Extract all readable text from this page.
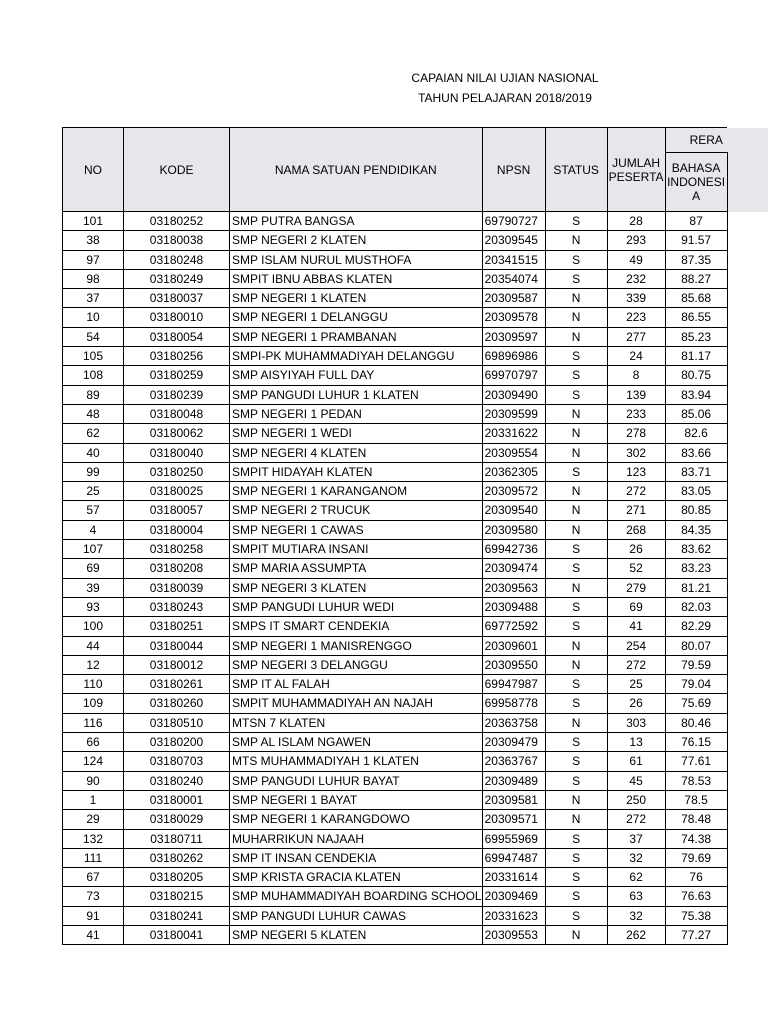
CAPAIAN NILAI UJIAN NASIONAL
TAHUN PELAJARAN 2018/2019
NO	KODE	NAMA SATUAN PENDIDIKAN	NPSN	STATUS	JUMLAH PESERTA	RERA
						BAHASA INDONESI A
101	03180252	SMP PUTRA BANGSA	69790727	S	28	87
38	03180038	SMP NEGERI 2 KLATEN	20309545	N	293	91.57
97	03180248	SMP ISLAM NURUL MUSTHOFA	20341515	S	49	87.35
98	03180249	SMPIT IBNU ABBAS KLATEN	20354074	S	232	88.27
37	03180037	SMP NEGERI 1 KLATEN	20309587	N	339	85.68
10	03180010	SMP NEGERI 1 DELANGGU	20309578	N	223	86.55
54	03180054	SMP NEGERI 1 PRAMBANAN	20309597	N	277	85.23
105	03180256	SMPI-PK MUHAMMADIYAH DELANGGU	69896986	S	24	81.17
108	03180259	SMP AISYIYAH FULL DAY	69970797	S	8	80.75
89	03180239	SMP PANGUDI LUHUR 1 KLATEN	20309490	S	139	83.94
48	03180048	SMP NEGERI 1 PEDAN	20309599	N	233	85.06
62	03180062	SMP NEGERI 1 WEDI	20331622	N	278	82.6
40	03180040	SMP NEGERI 4 KLATEN	20309554	N	302	83.66
99	03180250	SMPIT HIDAYAH KLATEN	20362305	S	123	83.71
25	03180025	SMP NEGERI 1 KARANGANOM	20309572	N	272	83.05
57	03180057	SMP NEGERI 2 TRUCUK	20309540	N	271	80.85
4	03180004	SMP NEGERI 1 CAWAS	20309580	N	268	84.35
107	03180258	SMPIT MUTIARA INSANI	69942736	S	26	83.62
69	03180208	SMP MARIA ASSUMPTA	20309474	S	52	83.23
39	03180039	SMP NEGERI 3 KLATEN	20309563	N	279	81.21
93	03180243	SMP PANGUDI LUHUR WEDI	20309488	S	69	82.03
100	03180251	SMPS IT SMART CENDEKIA	69772592	S	41	82.29
44	03180044	SMP NEGERI 1 MANISRENGGO	20309601	N	254	80.07
12	03180012	SMP NEGERI 3 DELANGGU	20309550	N	272	79.59
110	03180261	SMP IT AL FALAH	69947987	S	25	79.04
109	03180260	SMPIT MUHAMMADIYAH AN NAJAH	69958778	S	26	75.69
116	03180510	MTSN 7 KLATEN	20363758	N	303	80.46
66	03180200	SMP AL ISLAM NGAWEN	20309479	S	13	76.15
124	03180703	MTS MUHAMMADIYAH 1 KLATEN	20363767	S	61	77.61
90	03180240	SMP PANGUDI LUHUR BAYAT	20309489	S	45	78.53
1	03180001	SMP NEGERI 1 BAYAT	20309581	N	250	78.5
29	03180029	SMP NEGERI 1 KARANGDOWO	20309571	N	272	78.48
132	03180711	MUHARRIKUN NAJAAH	69955969	S	37	74.38
111	03180262	SMP IT INSAN CENDEKIA	69947487	S	32	79.69
67	03180205	SMP KRISTA GRACIA KLATEN	20331614	S	62	76
73	03180215	SMP MUHAMMADIYAH BOARDING SCHOOL	20309469	S	63	76.63
91	03180241	SMP PANGUDI LUHUR CAWAS	20331623	S	32	75.38
41	03180041	SMP NEGERI 5 KLATEN	20309553	N	262	77.27
